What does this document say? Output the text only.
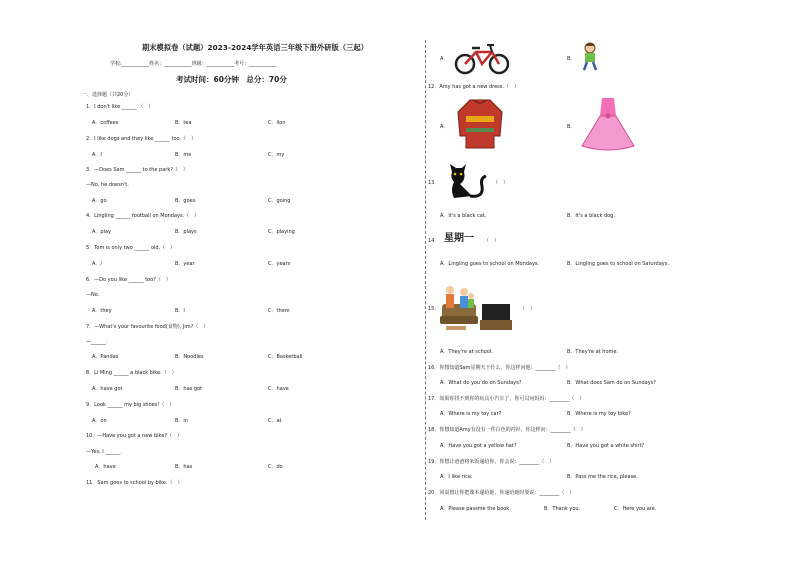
期末模拟卷（试题）2023-2024学年英语三年级下册外研版（三起）
学校:___________姓名：___________班级：___________考号：___________
考试时间：60分钟　总分：70分
一、选择题（共20分）
1．I don't like ______.（　）
A．coffees	B．tea	C．lion
2．I like dogs and they like ______ too.（　）
A．I	B．me	C．my
3．—Does Sam ______ to the park?（　）
—No, he doesn't.
A．go	B．goes	C．going
4．Lingling ______ football on Mondays.（　）
A．play	B．plays	C．playing
5．Tom is only two ______ old.（　）
A．/	B．year	C．years
6．—Do you like ______ too?（　）
—No.
A．they	B．I	C．them
7．—What's your favourite food(食物), Jim?（　）
—______.
A．Pandas	B．Noodles	C．Basketball
8．Li Ming ______ a black bike.（　）
A．have got	B．has got	C．have
9．Look ______ my big shoes!（　）
A．on	B．in	C．at
10．—Have you got a new bike?（　）
—Yes, I ______.
A．have	B．has	C．do
11．Sam goes to school by bike.（　）
A．	B．
12．Amy has got a new dress.（　）
A．	B．
13．	（　）
A．It's a black cat.	B．It's a black dog.
14． 星期一 （　）
A．Lingling goes to school on Mondays.	B．Lingling goes to school on Saturdays.
15．	（　）
A．They're at school.	B．They're at home.
16．你想知道Sam星期天干什么，你这样问他：________（　）
A．What do you do on Sundays?	B．What does Sam do on Sundays?
17．如果你找不到你的玩具小汽车了，你可以问妈妈：________（　）
A．Where is my toy car?	B．Where is my toy bike?
18．你想知道Amy有没有一件白色的衬衫，你这样问：________（　）
A．Have you got a yellow hat?	B．Have you got a white shirt?
19．你想让爸爸将米饭递给你，你会说：________（　）
A．I like rice.	B．Pass me the rice, please.
20．同桌想让你把课本递给她，你递给她时要说：________（　）
A．Please passme the book.	B．Thank you.	C．Here you are.
